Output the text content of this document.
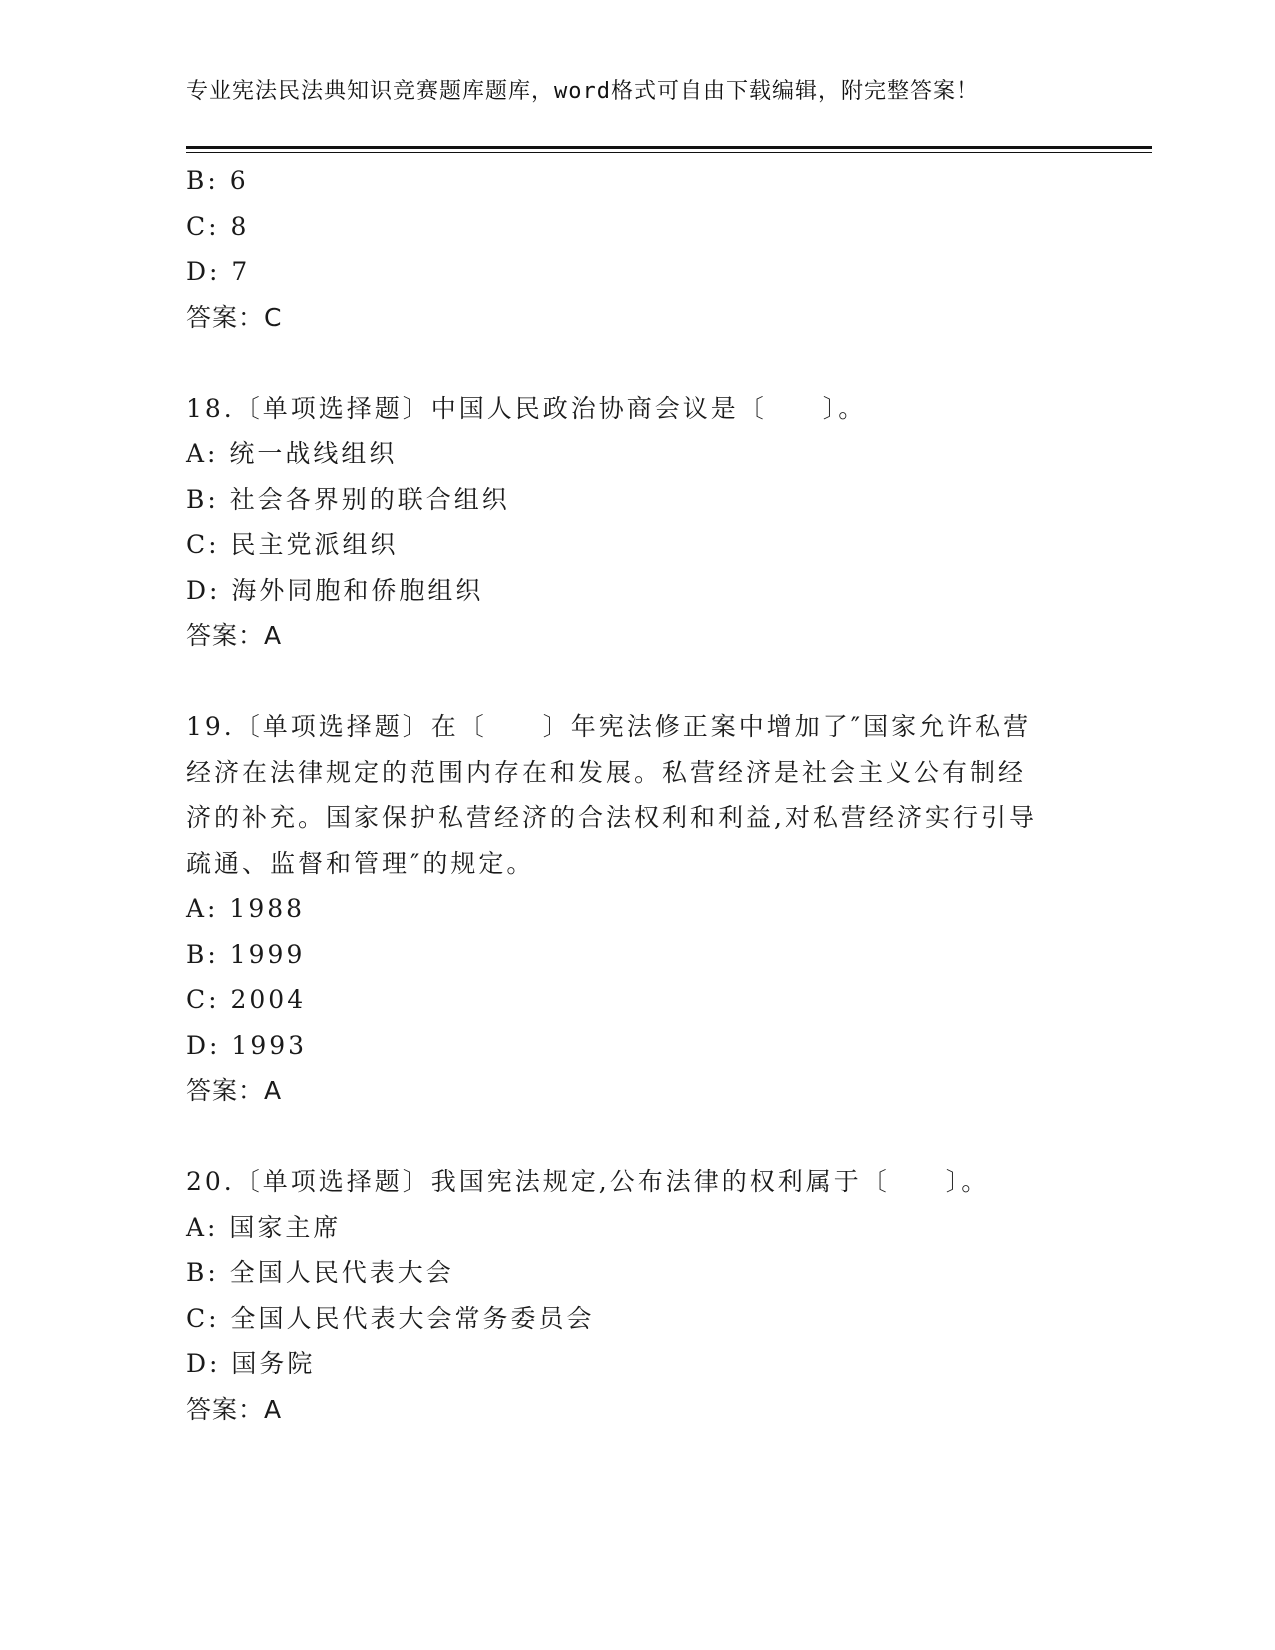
专业宪法民法典知识竞赛题库题库，word格式可自由下载编辑，附完整答案！
B: 6
C: 8
D: 7
答案：C
18.〔单项选择题〕中国人民政治协商会议是〔　　〕。
A: 统一战线组织
B: 社会各界别的联合组织
C: 民主党派组织
D: 海外同胞和侨胞组织
答案：A
19.〔单项选择题〕在〔　　〕年宪法修正案中增加了″国家允许私营
经济在法律规定的范围内存在和发展。私营经济是社会主义公有制经
济的补充。国家保护私营经济的合法权利和利益,对私营经济实行引导
疏通、监督和管理″的规定。
A: 1988
B: 1999
C: 2004
D: 1993
答案：A
20.〔单项选择题〕我国宪法规定,公布法律的权利属于〔　　〕。
A: 国家主席
B: 全国人民代表大会
C: 全国人民代表大会常务委员会
D: 国务院
答案：A
